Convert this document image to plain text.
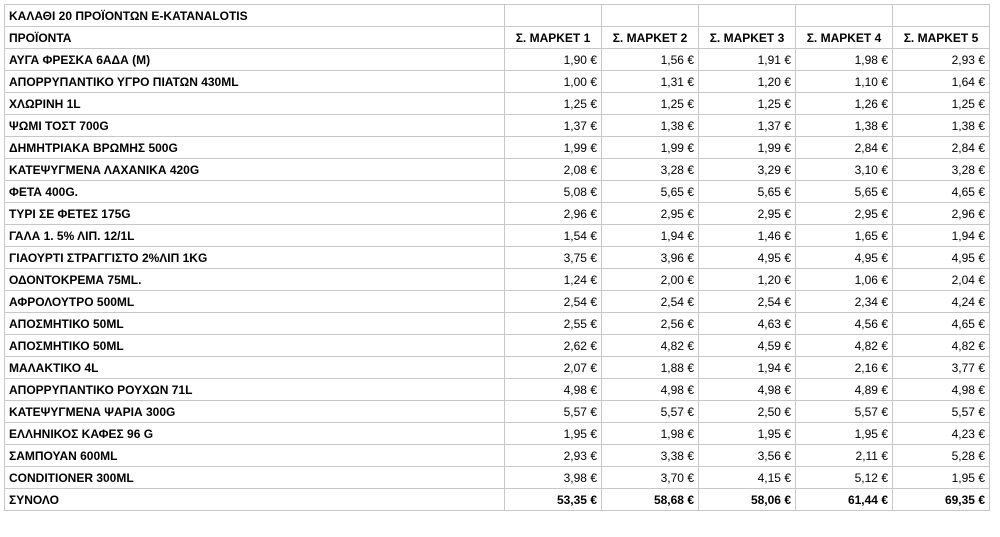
ΚΑΛΑΘΙ 20 ΠΡΟΪΟΝΤΩΝ E-KATANALOTIS					
ΠΡΟΪΟΝΤΑ	Σ. ΜΑΡΚΕΤ 1	Σ. ΜΑΡΚΕΤ 2	Σ. ΜΑΡΚΕΤ 3	Σ. ΜΑΡΚΕΤ 4	Σ. ΜΑΡΚΕΤ 5
ΑΥΓΑ ΦΡΕΣΚΑ 6ΑΔΑ (M)	1,90 €	1,56 €	1,91 €	1,98 €	2,93 €
ΑΠΟΡΡΥΠΑΝΤΙΚΟ ΥΓΡΟ ΠΙΑΤΩΝ 430ML	1,00 €	1,31 €	1,20 €	1,10 €	1,64 €
ΧΛΩΡΙΝΗ 1L	1,25 €	1,25 €	1,25 €	1,26 €	1,25 €
ΨΩΜΙ ΤΟΣΤ 700G	1,37 €	1,38 €	1,37 €	1,38 €	1,38 €
ΔΗΜΗΤΡΙΑΚΑ ΒΡΩΜΗΣ 500G	1,99 €	1,99 €	1,99 €	2,84 €	2,84 €
ΚΑΤΕΨΥΓΜΕΝΑ ΛΑΧΑΝΙΚΑ 420G	2,08 €	3,28 €	3,29 €	3,10 €	3,28 €
ΦΕΤΑ 400G.	5,08 €	5,65 €	5,65 €	5,65 €	4,65 €
ΤΥΡΙ ΣΕ ΦΕΤΕΣ 175G	2,96 €	2,95 €	2,95 €	2,95 €	2,96 €
ΓΑΛΑ 1. 5% ΛΙΠ. 12/1L	1,54 €	1,94 €	1,46 €	1,65 €	1,94 €
ΓΙΑΟΥΡΤΙ ΣΤΡΑΓΓΙΣΤΟ 2%ΛΙΠ 1KG	3,75 €	3,96 €	4,95 €	4,95 €	4,95 €
ΟΔΟΝΤΟΚΡΕΜΑ 75ML.	1,24 €	2,00 €	1,20 €	1,06 €	2,04 €
ΑΦΡΟΛΟΥΤΡΟ 500ML	2,54 €	2,54 €	2,54 €	2,34 €	4,24 €
ΑΠΟΣΜΗΤΙΚΟ 50ML	2,55 €	2,56 €	4,63 €	4,56 €	4,65 €
ΑΠΟΣΜΗΤΙΚΟ 50ML	2,62 €	4,82 €	4,59 €	4,82 €	4,82 €
ΜΑΛΑΚΤΙΚΟ 4L	2,07 €	1,88 €	1,94 €	2,16 €	3,77 €
ΑΠΟΡΡΥΠΑΝΤΙΚΟ ΡΟΥΧΩΝ 71L	4,98 €	4,98 €	4,98 €	4,89 €	4,98 €
ΚΑΤΕΨΥΓΜΕΝΑ ΨΑΡΙΑ 300G	5,57 €	5,57 €	2,50 €	5,57 €	5,57 €
ΕΛΛΗΝΙΚΟΣ ΚΑΦΕΣ 96 G	1,95 €	1,98 €	1,95 €	1,95 €	4,23 €
ΣΑΜΠΟΥΑΝ 600ML	2,93 €	3,38 €	3,56 €	2,11 €	5,28 €
CONDITIONER 300ML	3,98 €	3,70 €	4,15 €	5,12 €	1,95 €
ΣΥΝΟΛΟ	53,35 €	58,68 €	58,06 €	61,44 €	69,35 €
